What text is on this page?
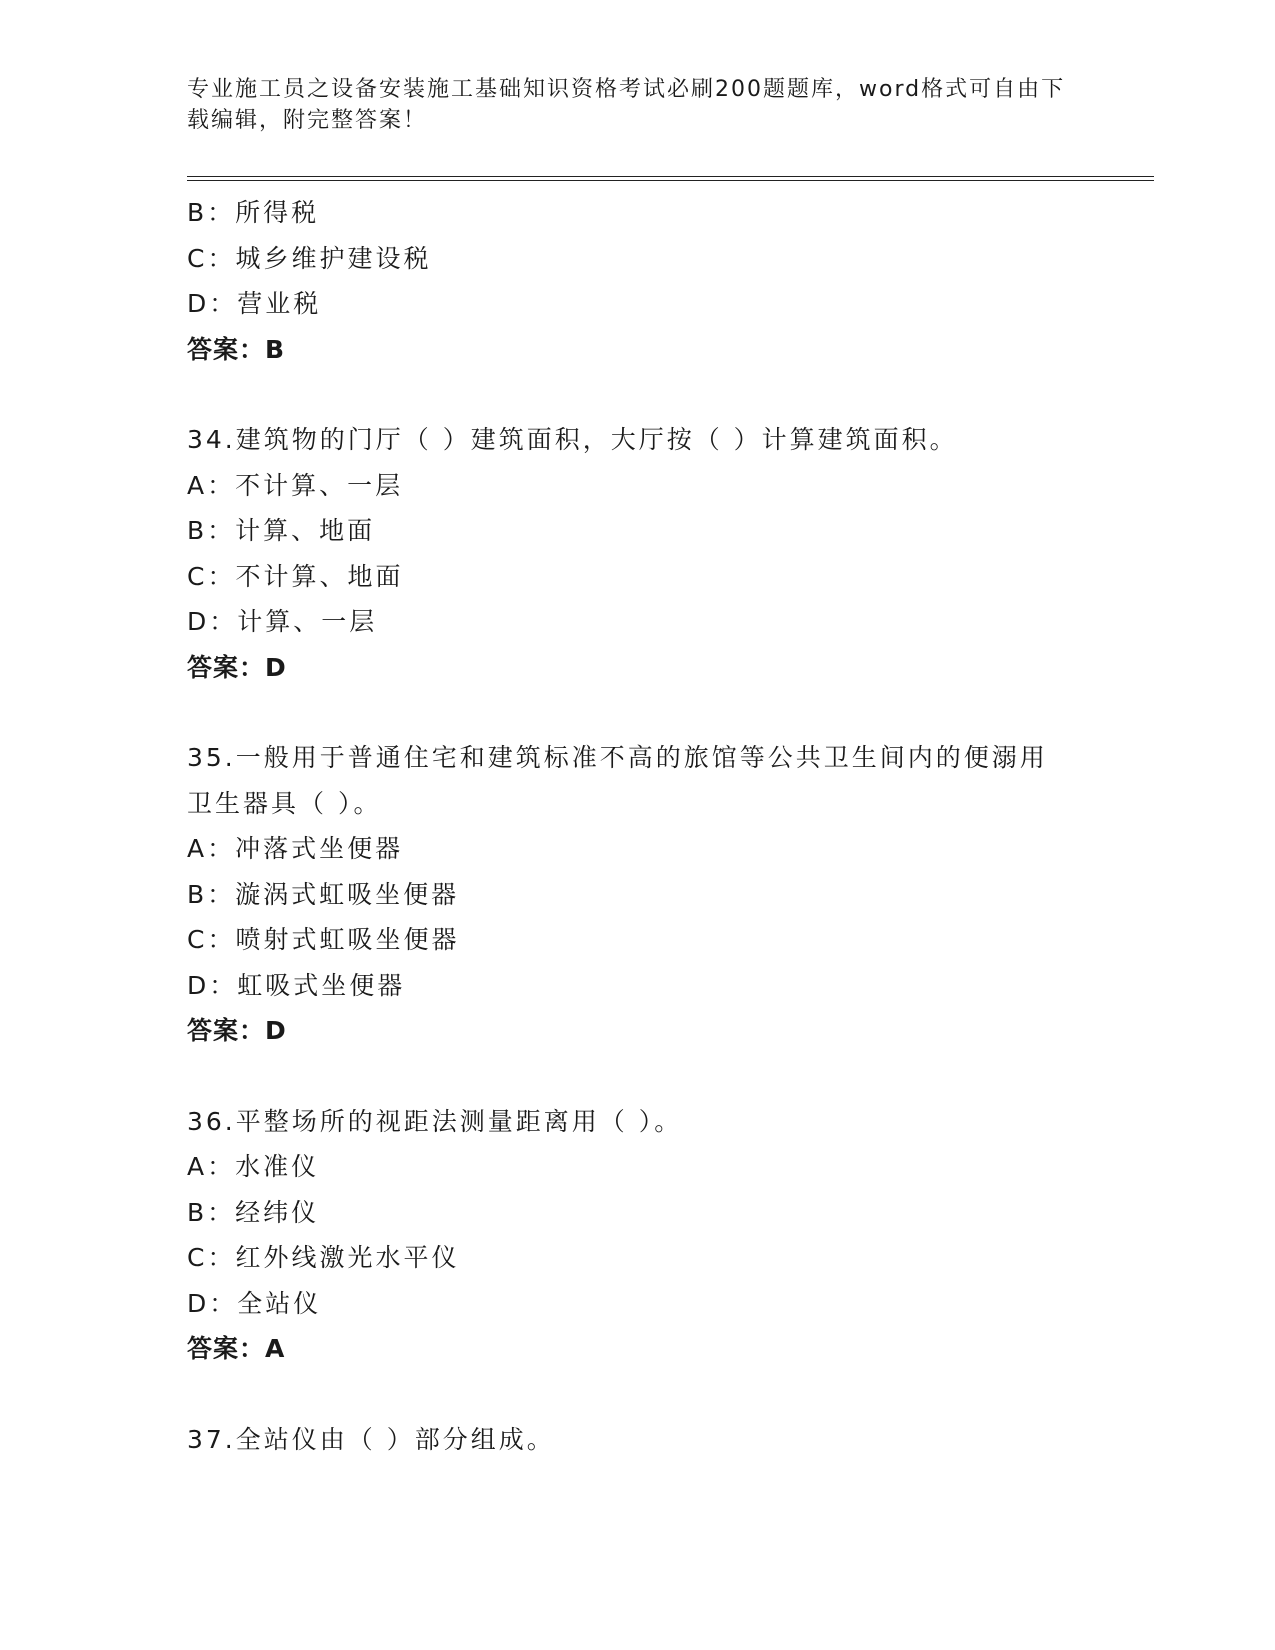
专业施工员之设备安装施工基础知识资格考试必刷200题题库，word格式可自由下载编辑，附完整答案！
B：所得税
C：城乡维护建设税
D：营业税
答案：B
34.建筑物的门厅（ ）建筑面积，大厅按（ ）计算建筑面积。
A：不计算、一层
B：计算、地面
C：不计算、地面
D：计算、一层
答案：D
35.一般用于普通住宅和建筑标准不高的旅馆等公共卫生间内的便溺用卫生器具（ ）。
A：冲落式坐便器
B：漩涡式虹吸坐便器
C：喷射式虹吸坐便器
D：虹吸式坐便器
答案：D
36.平整场所的视距法测量距离用（ ）。
A：水准仪
B：经纬仪
C：红外线激光水平仪
D：全站仪
答案：A
37.全站仪由（ ）部分组成。
